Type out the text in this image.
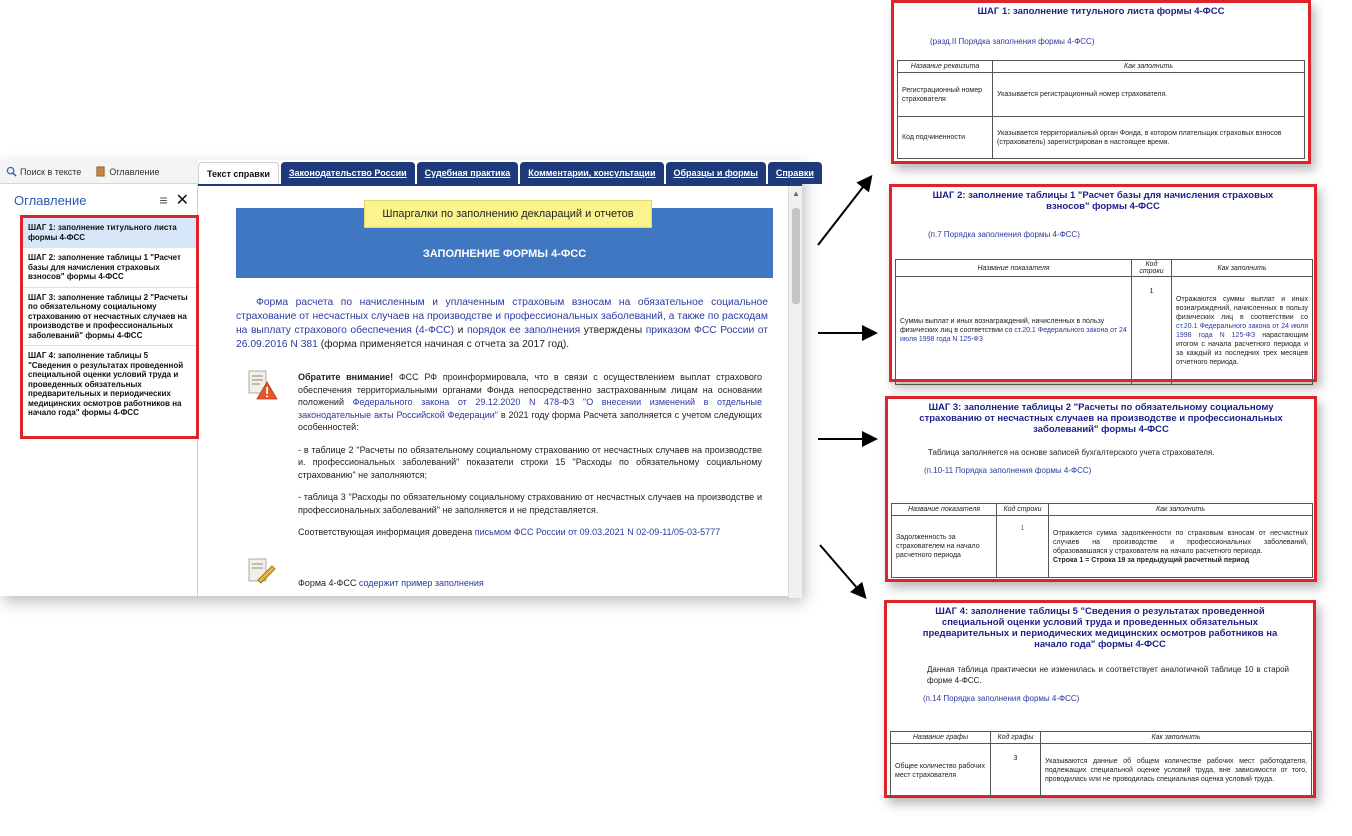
Поиск в тексте	Оглавление
Оглавление	≡ ✕
Текст справки	Законодательство России	Судебная практика	Комментарии, консультации	Образцы и формы	Справки
Шпаргалки по заполнению деклараций и отчетов
ЗАПОЛНЕНИЕ ФОРМЫ 4-ФСС
Форма расчета по начисленным и уплаченным страховым взносам на обязательное социальное страхование от несчастных случаев на производстве и профессиональных заболеваний, а также по расходам на выплату страхового обеспечения (4-ФСС) и порядок ее заполнения утверждены приказом ФСС России от 26.09.2016 N 381 (форма применяется начиная с отчета за 2017 год).

Обратите внимание! ФСС РФ проинформировала, что в связи с осуществлением выплат страхового обеспечения территориальными органами Фонда непосредственно застрахованным лицам на основании положений Федерального закона от 29.12.2020 N 478-ФЗ "О внесении изменений в отдельные законодательные акты Российской Федерации" в 2021 году форма Расчета заполняется с учетом следующих особенностей:

- в таблице 2 "Расчеты по обязательному социальному страхованию от несчастных случаев на производстве и. профессиональных заболеваний" показатели строки 15 "Расходы по обязательному социальному страхованию" не заполняются;

- таблица 3 "Расходы по обязательному социальному страхованию от несчастных случаев на производстве и профессиональных заболеваний" не заполняется и не представляется.

Соответствующая информация доведена письмом ФСС России от 09.03.2021 N 02-09-11/05-03-5777

Форма 4-ФСС содержит пример заполнения
▲
ШАГ 1: заполнение титульного листа формы 4-ФСС
ШАГ 2: заполнение таблицы 1 "Расчет базы для начисления страховых взносов" формы 4-ФСС
ШАГ 3: заполнение таблицы 2 "Расчеты по обязательному социальному страхованию от несчастных случаев на производстве и профессиональных заболеваний" формы 4-ФСС
ШАГ 4: заполнение таблицы 5 "Сведения о результатах проведенной специальной оценки условий труда и проведенных обязательных предварительных и периодических медицинских осмотров работников на начало года" формы 4-ФСС
ШАГ 1: заполнение титульного листа формы 4-ФСС
(разд.II Порядка заполнения формы 4-ФСС)
Название реквизита	Как заполнить
Регистрационный номер страхователя	Указывается регистрационный номер страхователя.
Код подчиненности	Указывается территориальный орган Фонда, в котором плательщик страховых взносов (страхователь) зарегистрирован в настоящее время.
ШАГ 2: заполнение таблицы 1 "Расчет базы для начисления страховых взносов" формы 4-ФСС
(п.7 Порядка заполнения формы 4-ФСС)
Название показателя	Код строки	Как заполнить
Суммы выплат и иных вознаграждений, начисленных в пользу физических лиц в соответствии со ст.20.1 Федерального закона от 24 июля 1998 года N 125-ФЗ	1	Отражаются суммы выплат и иных вознаграждений, начисленных в пользу физических лиц в соответствии со ст.20.1 Федерального закона от 24 июля 1998 года N 125-ФЗ нарастающим итогом с начала расчетного периода и за каждый из последних трех месяцев отчетного периода.
ШАГ 3: заполнение таблицы 2 "Расчеты по обязательному социальному страхованию от несчастных случаев на производстве и профессиональных заболеваний" формы 4-ФСС
Таблица заполняется на основе записей бухгалтерского учета страхователя.
(п.10-11 Порядка заполнения формы 4-ФСС)
Название показателя	Код строки	Как заполнить
Задолженность за страхователем на начало расчетного периода	1	Отражается сумма задолженности по страховым взносам от несчастных случаев на производстве и профессиональных заболеваний, образовавшаяся у страхователя на начало расчетного периода.
Строка 1 = Строка 19 за предыдущий расчетный период
ШАГ 4: заполнение таблицы 5 "Сведения о результатах проведенной специальной оценки условий труда и проведенных обязательных предварительных и периодических медицинских осмотров работников на начало года" формы 4-ФСС
Данная таблица практически не изменилась и соответствует аналогичной таблице 10 в старой форме 4-ФСС.
(п.14 Порядка заполнения формы 4-ФСС)
Название графы	Код графы	Как заполнить
Общее количество рабочих мест страхователя	3	Указываются данные об общем количестве рабочих мест работодателя, подлежащих специальной оценке условий труда, вне зависимости от того, проводилась или не проводилась специальная оценка условий труда.
